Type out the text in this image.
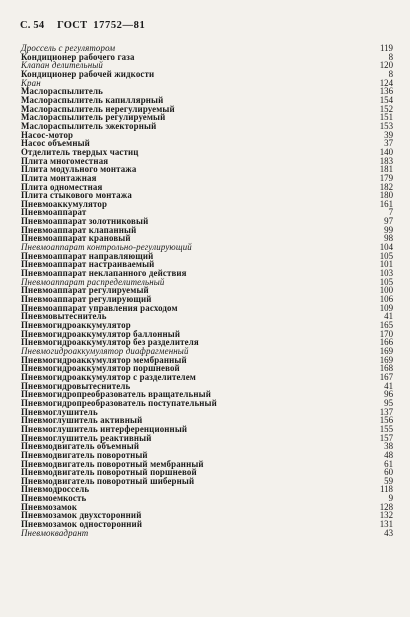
С. 54 ГОСТ 17752—81
Дроссель с регулятором	119
Кондиционер рабочего газа	8
Клапан делительный	120
Кондиционер рабочей жидкости	8
Кран	124
Маслораспылитель	136
Маслораспылитель капиллярный	154
Маслораспылитель нерегулируемый	152
Маслораспылитель регулируемый	151
Маслораспылитель эжекторный	153
Насос-мотор	39
Насос объемный	37
Отделитель твердых частиц	140
Плита многоместная	183
Плита модульного монтажа	181
Плита монтажная	179
Плита одноместная	182
Плита стыкового монтажа	180
Пневмоаккумулятор	161
Пневмоаппарат	7
Пневмоаппарат золотниковый	97
Пневмоаппарат клапанный	99
Пневмоаппарат крановый	98
Пневмоаппарат контрольно-регулирующий	104
Пневмоаппарат направляющий	105
Пневмоаппарат настраиваемый	101
Пневмоаппарат неклапанного действия	103
Пневмоаппарат распределительный	105
Пневмоаппарат регулируемый	100
Пневмоаппарат регулирующий	106
Пневмоаппарат управления расходом	109
Пневмовытеснитель	41
Пневмогидроаккумулятор	165
Пневмогидроаккумулятор баллонный	170
Пневмогидроаккумулятор без разделителя	166
Пневмогидроаккумулятор диафрагменный	169
Пневмогидроаккумулятор мембранный	169
Пневмогидроаккумулятор поршневой	168
Пневмогидроаккумулятор с разделителем	167
Пневмогидровытеснитель	41
Пневмогидропреобразователь вращательный	96
Пневмогидропреобразователь поступательный	95
Пневмоглушитель	137
Пневмоглушитель активный	156
Пневмоглушитель интерференционный	155
Пневмоглушитель реактивный	157
Пневмодвигатель объемный	38
Пневмодвигатель поворотный	48
Пневмодвигатель поворотный мембранный	61
Пневмодвигатель поворотный поршневой	60
Пневмодвигатель поворотный шиберный	59
Пневмодроссель	118
Пневмоемкость	9
Пневмозамок	128
Пневмозамок двухсторонний	132
Пневмозамок односторонний	131
Пневмоквадрант	43
